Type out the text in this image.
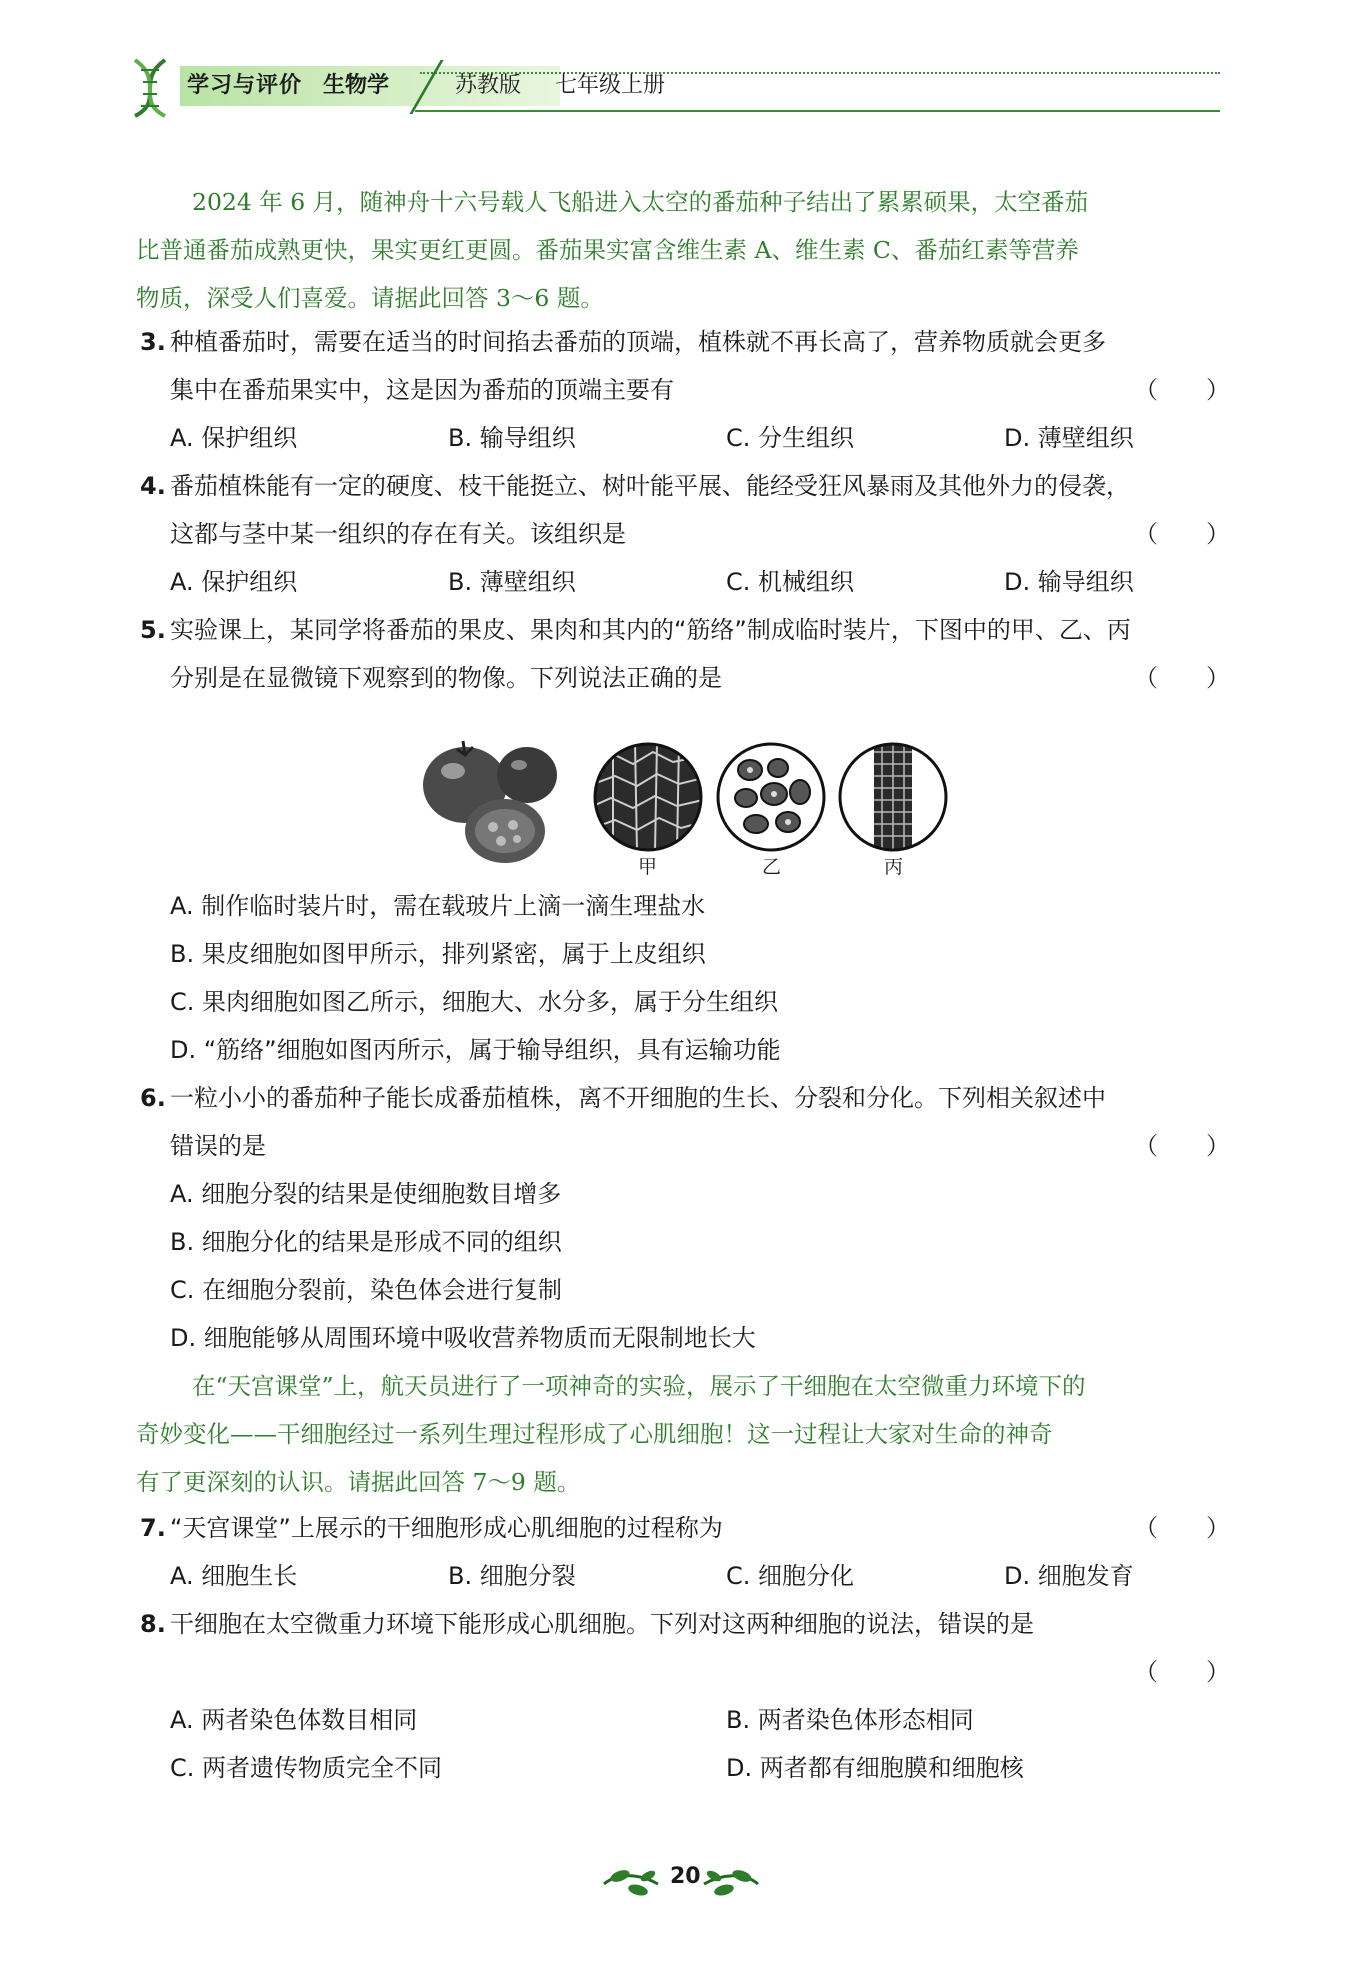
学习与评价 生物学	苏教版 七年级上册
2024 年 6 月，随神舟十六号载人飞船进入太空的番茄种子结出了累累硕果，太空番茄
比普通番茄成熟更快，果实更红更圆。番茄果实富含维生素 A、维生素 C、番茄红素等营养
物质，深受人们喜爱。请据此回答 3～6 题。
3. 种植番茄时，需要在适当的时间掐去番茄的顶端，植株就不再长高了，营养物质就会更多
集中在番茄果实中，这是因为番茄的顶端主要有	（　　）
A. 保护组织	B. 输导组织	C. 分生组织	D. 薄壁组织
4. 番茄植株能有一定的硬度、枝干能挺立、树叶能平展、能经受狂风暴雨及其他外力的侵袭，
这都与茎中某一组织的存在有关。该组织是	（　　）
A. 保护组织	B. 薄壁组织	C. 机械组织	D. 输导组织
5. 实验课上，某同学将番茄的果皮、果肉和其内的“筋络”制成临时装片，下图中的甲、乙、丙
分别是在显微镜下观察到的物像。下列说法正确的是	（　　）
甲	乙	丙
A. 制作临时装片时，需在载玻片上滴一滴生理盐水
B. 果皮细胞如图甲所示，排列紧密，属于上皮组织
C. 果肉细胞如图乙所示，细胞大、水分多，属于分生组织
D. “筋络”细胞如图丙所示，属于输导组织，具有运输功能
6. 一粒小小的番茄种子能长成番茄植株，离不开细胞的生长、分裂和分化。下列相关叙述中
错误的是	（　　）
A. 细胞分裂的结果是使细胞数目增多
B. 细胞分化的结果是形成不同的组织
C. 在细胞分裂前，染色体会进行复制
D. 细胞能够从周围环境中吸收营养物质而无限制地长大
在“天宫课堂”上，航天员进行了一项神奇的实验，展示了干细胞在太空微重力环境下的
奇妙变化——干细胞经过一系列生理过程形成了心肌细胞！这一过程让大家对生命的神奇
有了更深刻的认识。请据此回答 7～9 题。
7. “天宫课堂”上展示的干细胞形成心肌细胞的过程称为	（　　）
A. 细胞生长	B. 细胞分裂	C. 细胞分化	D. 细胞发育
8. 干细胞在太空微重力环境下能形成心肌细胞。下列对这两种细胞的说法，错误的是
（　　）
A. 两者染色体数目相同	B. 两者染色体形态相同
C. 两者遗传物质完全不同	D. 两者都有细胞膜和细胞核
20
